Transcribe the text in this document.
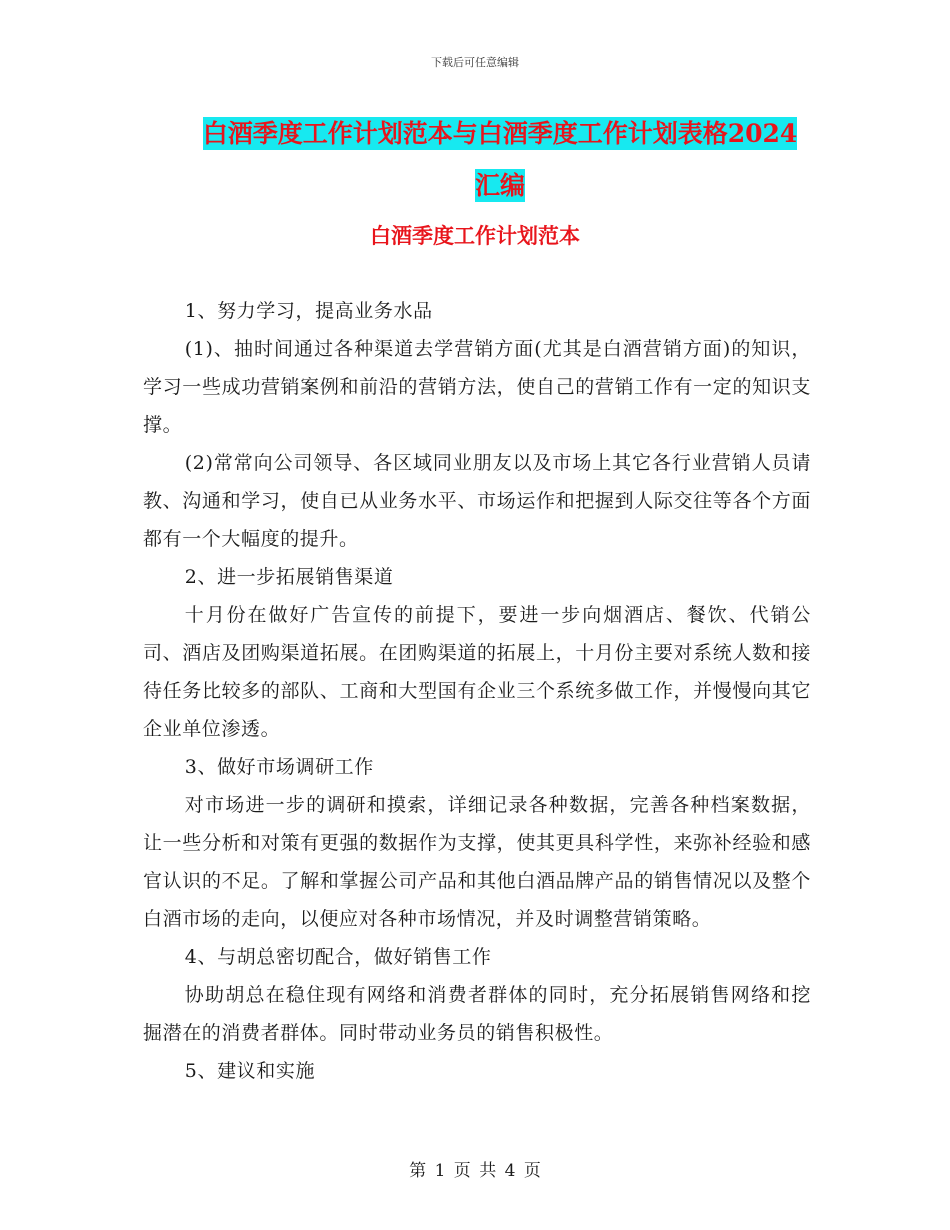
下载后可任意编辑
白酒季度工作计划范本与白酒季度工作计划表格2024
汇编
白酒季度工作计划范本

1、努力学习，提高业务水品

(1)、抽时间通过各种渠道去学营销方面(尤其是白酒营销方面)的知识，学习一些成功营销案例和前沿的营销方法，使自己的营销工作有一定的知识支撑。

(2)常常向公司领导、各区域同业朋友以及市场上其它各行业营销人员请教、沟通和学习，使自已从业务水平、市场运作和把握到人际交往等各个方面都有一个大幅度的提升。

2、进一步拓展销售渠道

十月份在做好广告宣传的前提下，要进一步向烟酒店、餐饮、代销公司、酒店及团购渠道拓展。在团购渠道的拓展上，十月份主要对系统人数和接待任务比较多的部队、工商和大型国有企业三个系统多做工作，并慢慢向其它企业单位渗透。

3、做好市场调研工作

对市场进一步的调研和摸索，详细记录各种数据，完善各种档案数据，让一些分析和对策有更强的数据作为支撑，使其更具科学性，来弥补经验和感官认识的不足。了解和掌握公司产品和其他白酒品牌产品的销售情况以及整个白酒市场的走向，以便应对各种市场情况，并及时调整营销策略。

4、与胡总密切配合，做好销售工作

协助胡总在稳住现有网络和消费者群体的同时，充分拓展销售网络和挖掘潜在的消费者群体。同时带动业务员的销售积极性。

5、建议和实施

第 1 页 共 4 页
